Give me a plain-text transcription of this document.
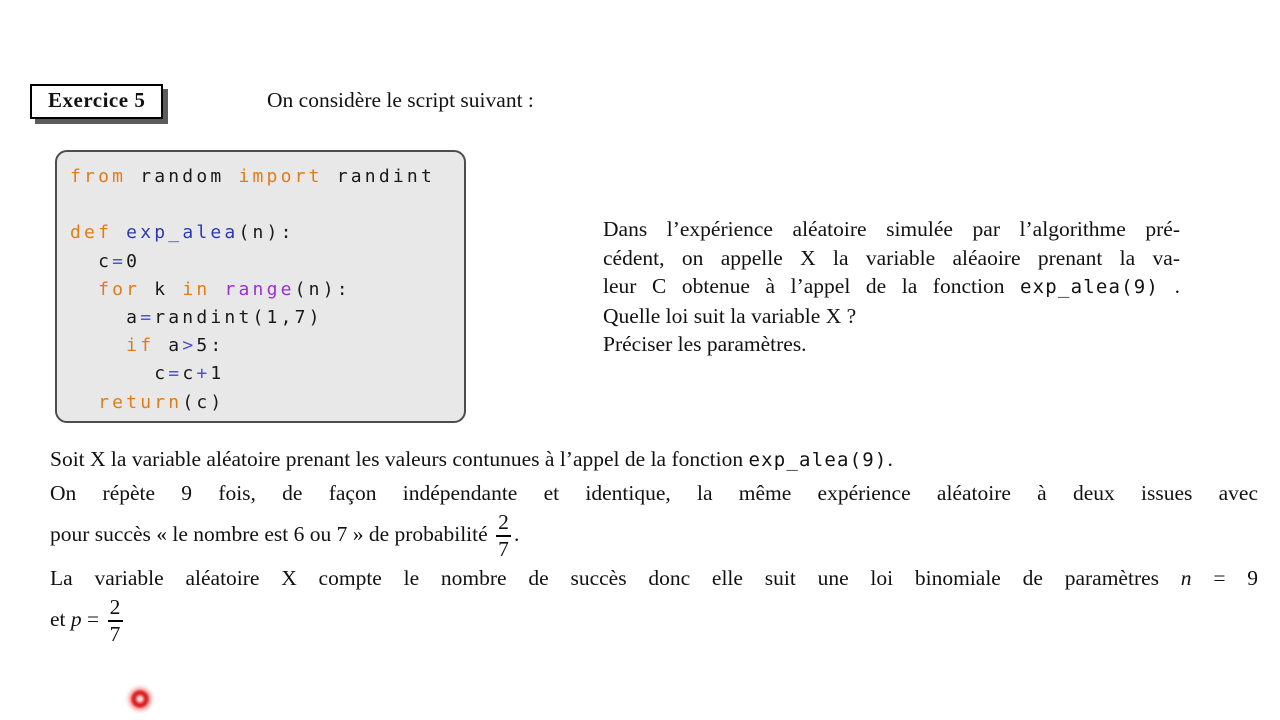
Exercice 5	On considère le script suivant :
from random import randint

def exp_alea(n):
c=0
for k in range(n):
a=randint(1,7)
if a>5:
c=c+1
return(c)
Dans l’expérience aléatoire simulée par l’algorithme pré-
cédent, on appelle X la variable aléaoire prenant la va-
leur C obtenue à l’appel de la fonction exp_alea(9) .
Quelle loi suit la variable X ?
Préciser les paramètres.
Soit X la variable aléatoire prenant les valeurs contunues à l’appel de la fonction exp_alea(9).
On répète 9 fois, de façon indépendante et identique, la même expérience aléatoire à deux issues avec
pour succès « le nombre est 6 ou 7 » de probabilité $\frac{2}{7}$ .
La variable aléatoire X compte le nombre de succès donc elle suit une loi binomiale de paramètres n = 9
et $p = \frac{2}{7}$
